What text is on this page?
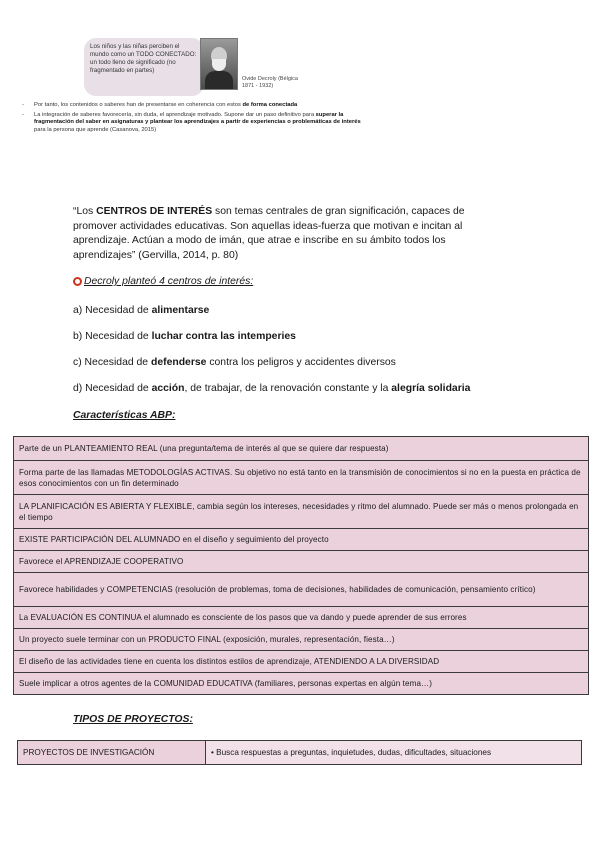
Los niños y las niñas perciben el mundo como un TODO CONECTADO: un todo lleno de significado (no fragmentado en partes)
Ovide Decroly (Bélgica
1871 - 1932)
- Por tanto, los contenidos o saberes han de presentarse en coherencia con estos de forma conectada
- La integración de saberes favorecería, sin duda, el aprendizaje motivado. Supone dar un paso definitivo para superar la fragmentación del saber en asignaturas y plantear los aprendizajes a partir de experiencias o problemáticas de interés para la persona que aprende (Casanova, 2015)

“Los CENTROS DE INTERÉS son temas centrales de gran significación, capaces de promover actividades educativas. Son aquellas ideas-fuerza que motivan e incitan al aprendizaje. Actúan a modo de imán, que atrae e inscribe en su ámbito todos los aprendizajes” (Gervilla, 2014, p. 80)

Decroly planteó 4 centros de interés:

a) Necesidad de alimentarse

b) Necesidad de luchar contra las intemperies

c) Necesidad de defenderse contra los peligros y accidentes diversos

d) Necesidad de acción, de trabajar, de la renovación constante y la alegría solidaria

Características ABP:

Parte de un PLANTEAMIENTO REAL (una pregunta/tema de interés al que se quiere dar respuesta)
Forma parte de las llamadas METODOLOGÍAS ACTIVAS. Su objetivo no está tanto en la transmisión de conocimientos si no en la puesta en práctica de esos conocimientos con un fin determinado
LA PLANIFICACIÓN ES ABIERTA Y FLEXIBLE, cambia según los intereses, necesidades y ritmo del alumnado. Puede ser más o menos prolongada en el tiempo
EXISTE PARTICIPACIÓN DEL ALUMNADO en el diseño y seguimiento del proyecto
Favorece el APRENDIZAJE COOPERATIVO
Favorece habilidades y COMPETENCIAS (resolución de problemas, toma de decisiones, habilidades de comunicación, pensamiento crítico)
La EVALUACIÓN ES CONTINUA el alumnado es consciente de los pasos que va dando y puede aprender de sus errores
Un proyecto suele terminar con un PRODUCTO FINAL (exposición, murales, representación, fiesta…)
El diseño de las actividades tiene en cuenta los distintos estilos de aprendizaje, ATENDIENDO A LA DIVERSIDAD
Suele implicar a otros agentes de la COMUNIDAD EDUCATIVA (familiares, personas expertas en algún tema…)

TIPOS DE PROYECTOS:

PROYECTOS DE INVESTIGACIÓN	• Busca respuestas a preguntas, inquietudes, dudas, dificultades, situaciones
